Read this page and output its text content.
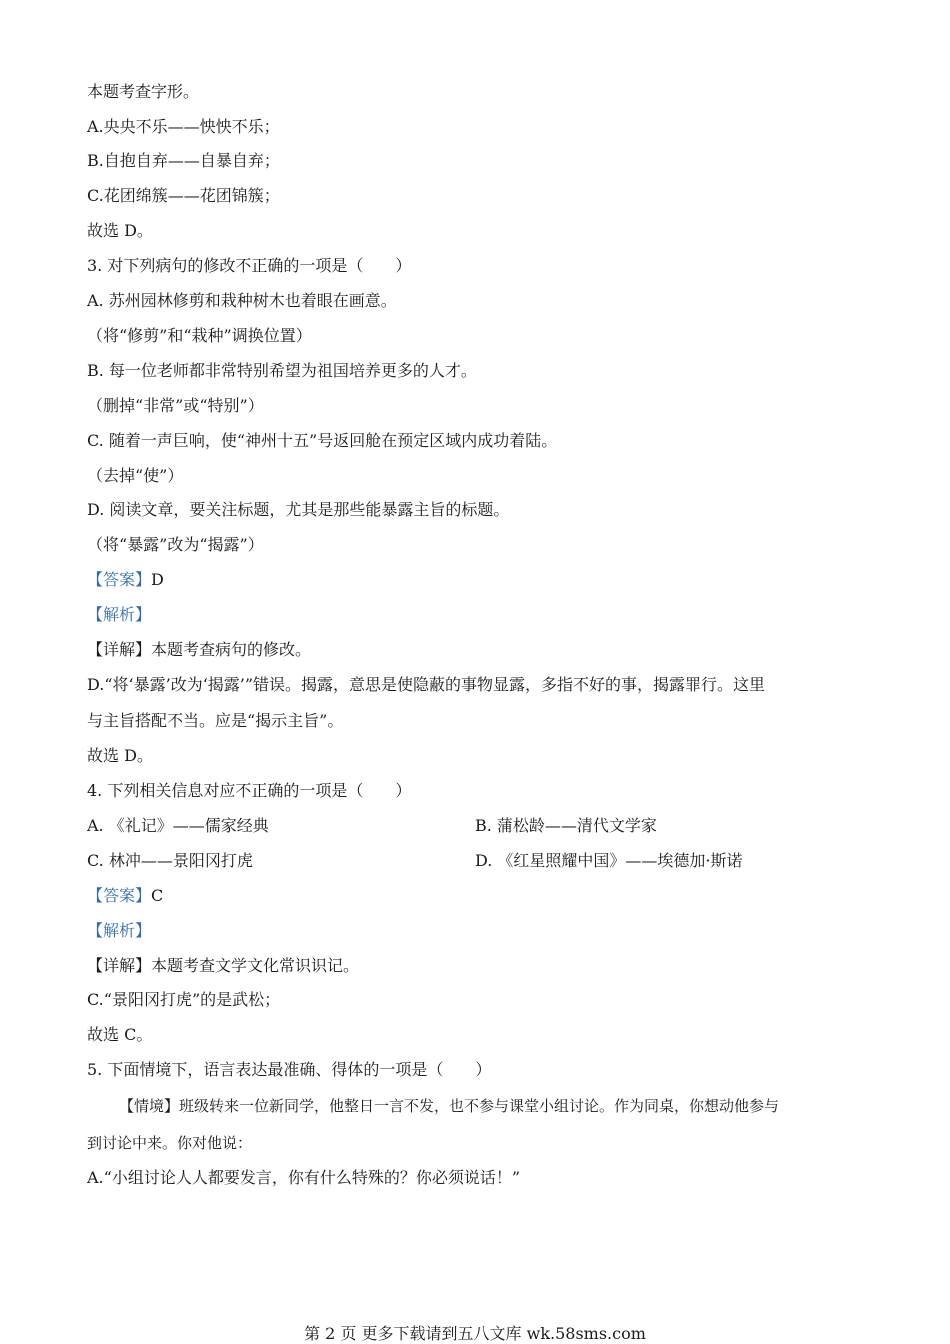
本题考查字形。
A.央央不乐——怏怏不乐；
B.自抱自弃——自暴自弃；
C.花团绵簇——花团锦簇；
故选 D。
3. 对下列病句的修改不正确的一项是（　　）
A. 苏州园林修剪和栽种树木也着眼在画意。
（将“修剪”和“栽种”调换位置）
B. 每一位老师都非常特别希望为祖国培养更多的人才。
（删掉“非常”或“特别”）
C. 随着一声巨响，使“神州十五”号返回舱在预定区域内成功着陆。
（去掉“使”）
D. 阅读文章，要关注标题，尤其是那些能暴露主旨的标题。
（将“暴露”改为“揭露”）
【答案】D
【解析】
【详解】本题考查病句的修改。
D.“将‘暴露’改为‘揭露’”错误。揭露，意思是使隐蔽的事物显露，多指不好的事，揭露罪行。这里
与主旨搭配不当。应是“揭示主旨”。
故选 D。
4. 下列相关信息对应不正确的一项是（　　）
A. 《礼记》——儒家经典	B. 蒲松龄——清代文学家
C. 林冲——景阳冈打虎	D. 《红星照耀中国》——埃德加·斯诺
【答案】C
【解析】
【详解】本题考查文学文化常识识记。
C.“景阳冈打虎”的是武松；
故选 C。
5. 下面情境下，语言表达最准确、得体的一项是（　　）
【情境】班级转来一位新同学，他整日一言不发，也不参与课堂小组讨论。作为同桌，你想动他参与
到讨论中来。你对他说：
A.“小组讨论人人都要发言，你有什么特殊的？你必须说话！”
第 2 页 更多下载请到五八文库 wk.58sms.com
